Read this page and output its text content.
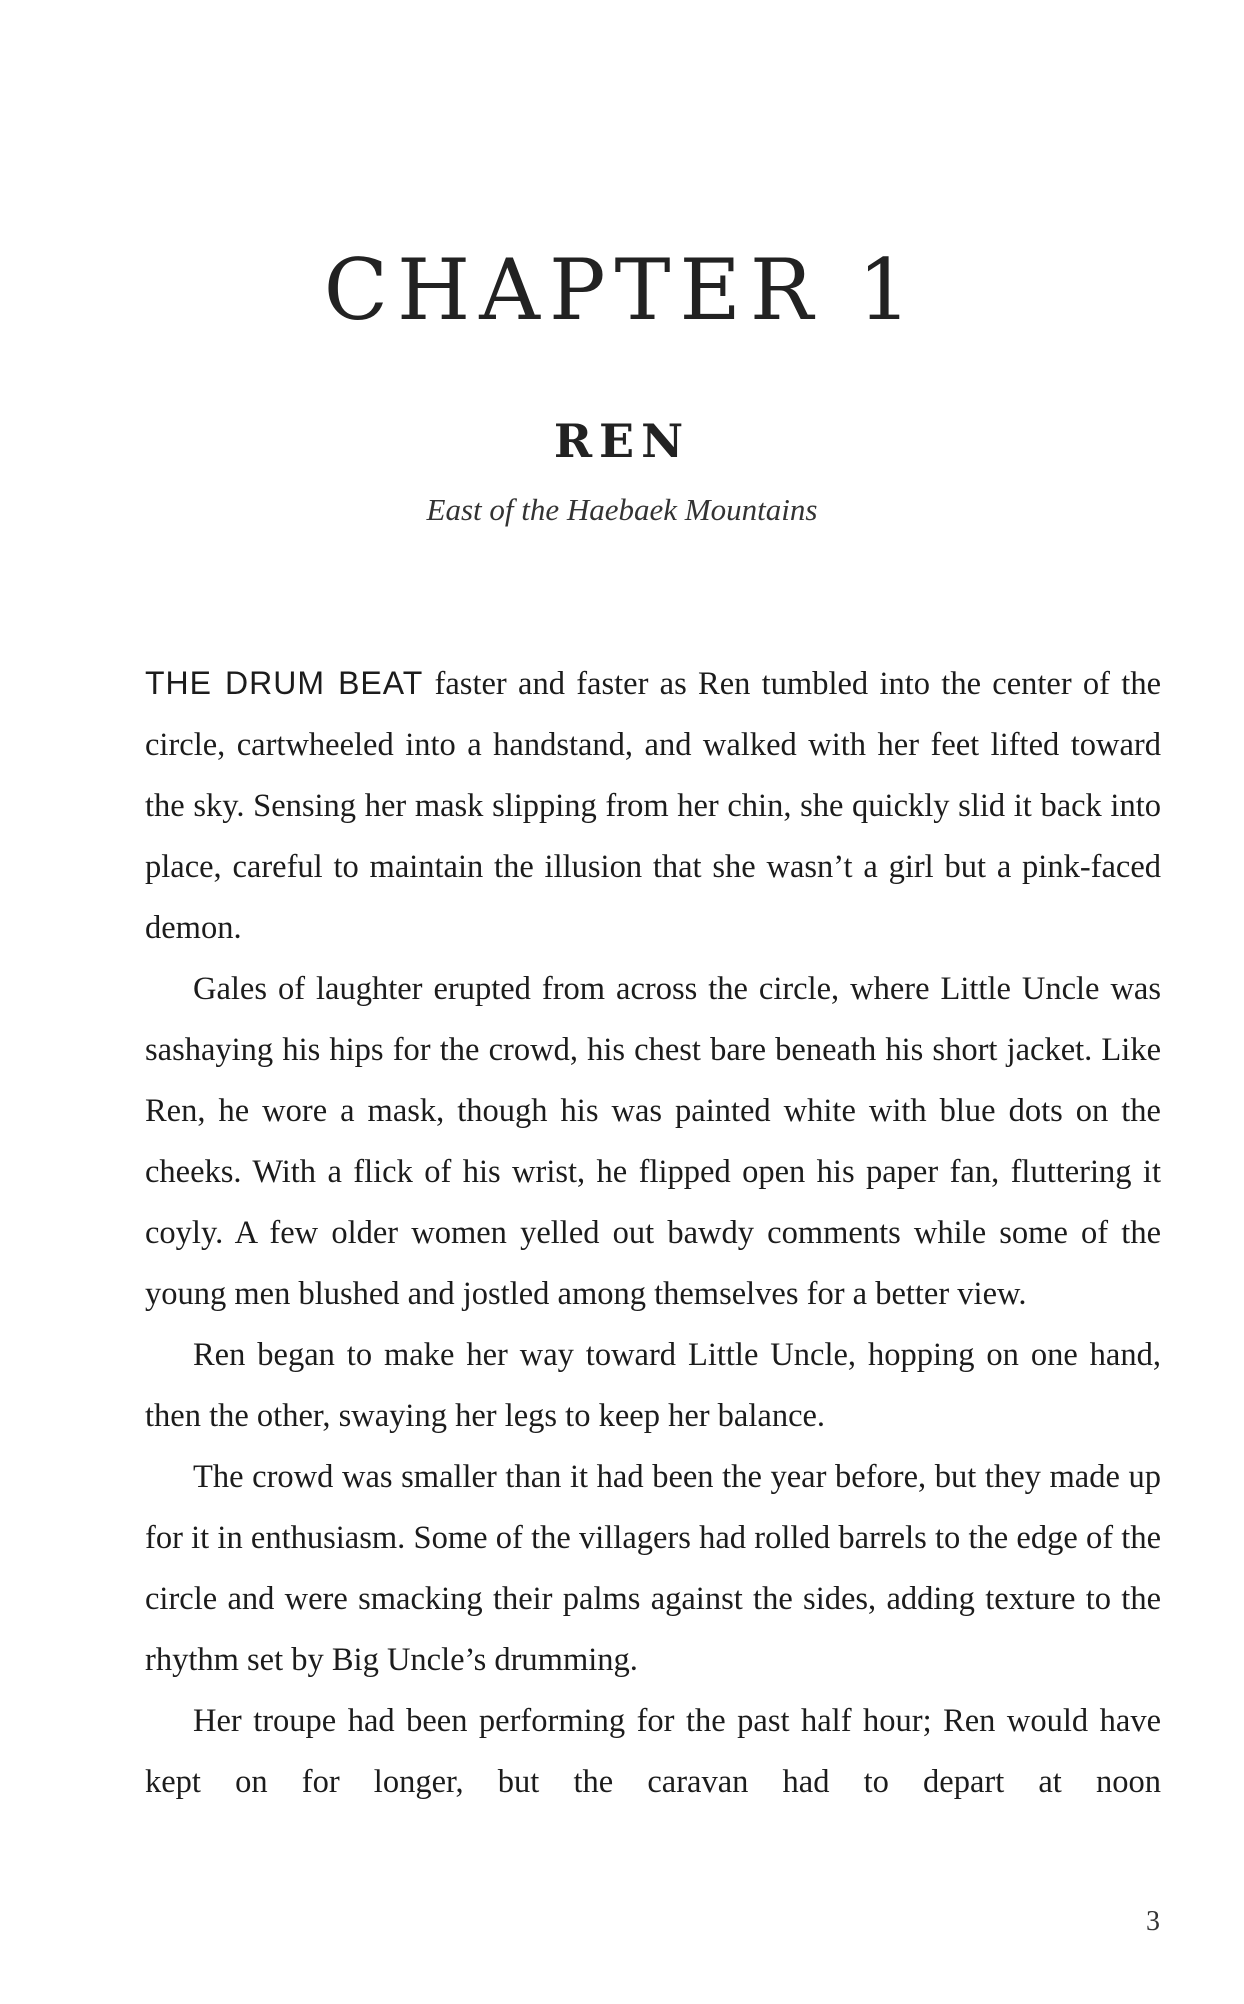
CHAPTER 1
REN
East of the Haebaek Mountains

THE DRUM BEAT faster and faster as Ren tumbled into the center of the circle, cartwheeled into a handstand, and walked with her feet lifted toward the sky. Sensing her mask slipping from her chin, she quickly slid it back into place, careful to maintain the illusion that she wasn’t a girl but a pink-faced demon.

Gales of laughter erupted from across the circle, where Little Uncle was sashaying his hips for the crowd, his chest bare beneath his short jacket. Like Ren, he wore a mask, though his was painted white with blue dots on the cheeks. With a flick of his wrist, he flipped open his paper fan, fluttering it coyly. A few older women yelled out bawdy comments while some of the young men blushed and jostled among themselves for a better view.

Ren began to make her way toward Little Uncle, hopping on one hand, then the other, swaying her legs to keep her balance.

The crowd was smaller than it had been the year before, but they made up for it in enthusiasm. Some of the villagers had rolled barrels to the edge of the circle and were smacking their palms against the sides, adding texture to the rhythm set by Big Uncle’s drumming.

Her troupe had been performing for the past half hour; Ren would have kept on for longer, but the caravan had to depart at noon

3
